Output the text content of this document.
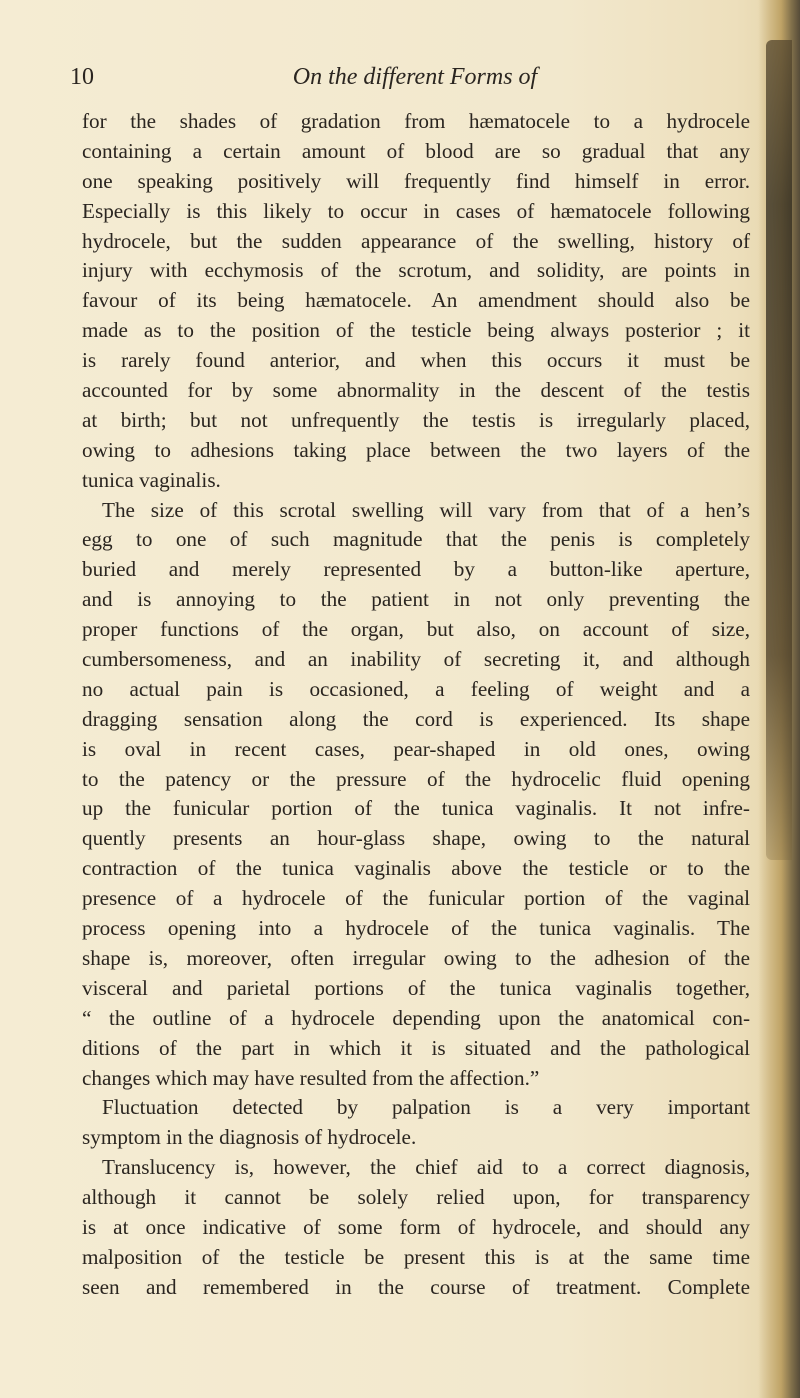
10	On the different Forms of
for the shades of gradation from hæmatocele to a hydrocele
containing a certain amount of blood are so gradual that any
one speaking positively will frequently find himself in error.
Especially is this likely to occur in cases of hæmatocele following
hydrocele, but the sudden appearance of the swelling, history of
injury with ecchymosis of the scrotum, and solidity, are points in
favour of its being hæmatocele. An amendment should also be
made as to the position of the testicle being always posterior ; it
is rarely found anterior, and when this occurs it must be
accounted for by some abnormality in the descent of the testis
at birth; but not unfrequently the testis is irregularly placed,
owing to adhesions taking place between the two layers of the
tunica vaginalis.
The size of this scrotal swelling will vary from that of a hen’s
egg to one of such magnitude that the penis is completely
buried and merely represented by a button-like aperture,
and is annoying to the patient in not only preventing the
proper functions of the organ, but also, on account of size,
cumbersomeness, and an inability of secreting it, and although
no actual pain is occasioned, a feeling of weight and a
dragging sensation along the cord is experienced. Its shape
is oval in recent cases, pear-shaped in old ones, owing
to the patency or the pressure of the hydrocelic fluid opening
up the funicular portion of the tunica vaginalis. It not infre-
quently presents an hour-glass shape, owing to the natural
contraction of the tunica vaginalis above the testicle or to the
presence of a hydrocele of the funicular portion of the vaginal
process opening into a hydrocele of the tunica vaginalis. The
shape is, moreover, often irregular owing to the adhesion of the
visceral and parietal portions of the tunica vaginalis together,
“ the outline of a hydrocele depending upon the anatomical con-
ditions of the part in which it is situated and the pathological
changes which may have resulted from the affection.”
Fluctuation detected by palpation is a very important
symptom in the diagnosis of hydrocele.
Translucency is, however, the chief aid to a correct diagnosis,
although it cannot be solely relied upon, for transparency
is at once indicative of some form of hydrocele, and should any
malposition of the testicle be present this is at the same time
seen and remembered in the course of treatment. Complete
